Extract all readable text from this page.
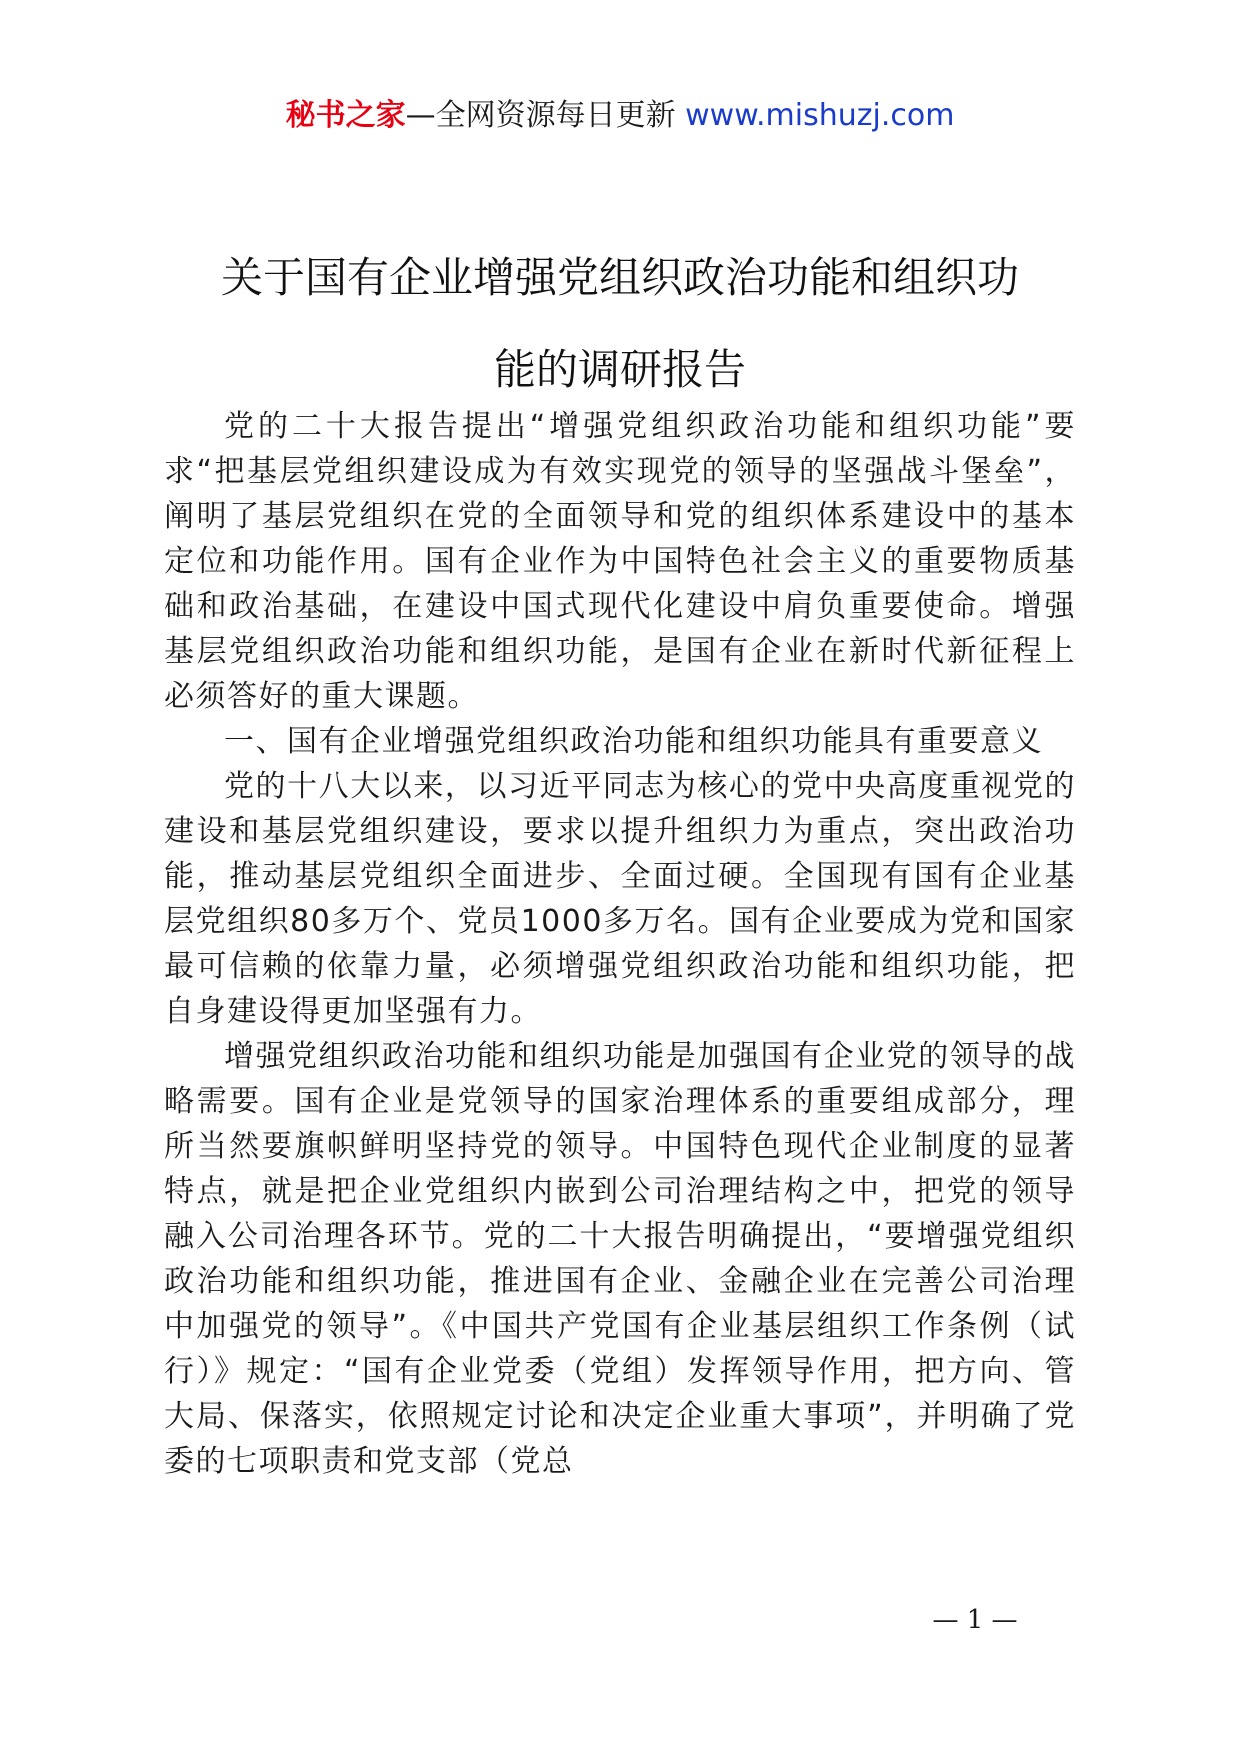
秘书之家—全网资源每日更新 www.mishuzj.com
关于国有企业增强党组织政治功能和组织功
能的调研报告

党的二十大报告提出“增强党组织政治功能和组织功能”要求“把基层党组织建设成为有效实现党的领导的坚强战斗堡垒”，阐明了基层党组织在党的全面领导和党的组织体系建设中的基本定位和功能作用。国有企业作为中国特色社会主义的重要物质基础和政治基础，在建设中国式现代化建设中肩负重要使命。增强基层党组织政治功能和组织功能，是国有企业在新时代新征程上必须答好的重大课题。

一、国有企业增强党组织政治功能和组织功能具有重要意义

党的十八大以来，以习近平同志为核心的党中央高度重视党的建设和基层党组织建设，要求以提升组织力为重点，突出政治功能，推动基层党组织全面进步、全面过硬。全国现有国有企业基层党组织80多万个、党员1000多万名。国有企业要成为党和国家最可信赖的依靠力量，必须增强党组织政治功能和组织功能，把自身建设得更加坚强有力。

增强党组织政治功能和组织功能是加强国有企业党的领导的战略需要。国有企业是党领导的国家治理体系的重要组成部分，理所当然要旗帜鲜明坚持党的领导。中国特色现代企业制度的显著特点，就是把企业党组织内嵌到公司治理结构之中，把党的领导融入公司治理各环节。党的二十大报告明确提出，“要增强党组织政治功能和组织功能，推进国有企业、金融企业在完善公司治理中加强党的领导”。《中国共产党国有企业基层组织工作条例（试行）》规定：“国有企业党委（党组）发挥领导作用，把方向、管大局、保落实，依照规定讨论和决定企业重大事项”，并明确了党委的七项职责和党支部（党总

— 1 —
